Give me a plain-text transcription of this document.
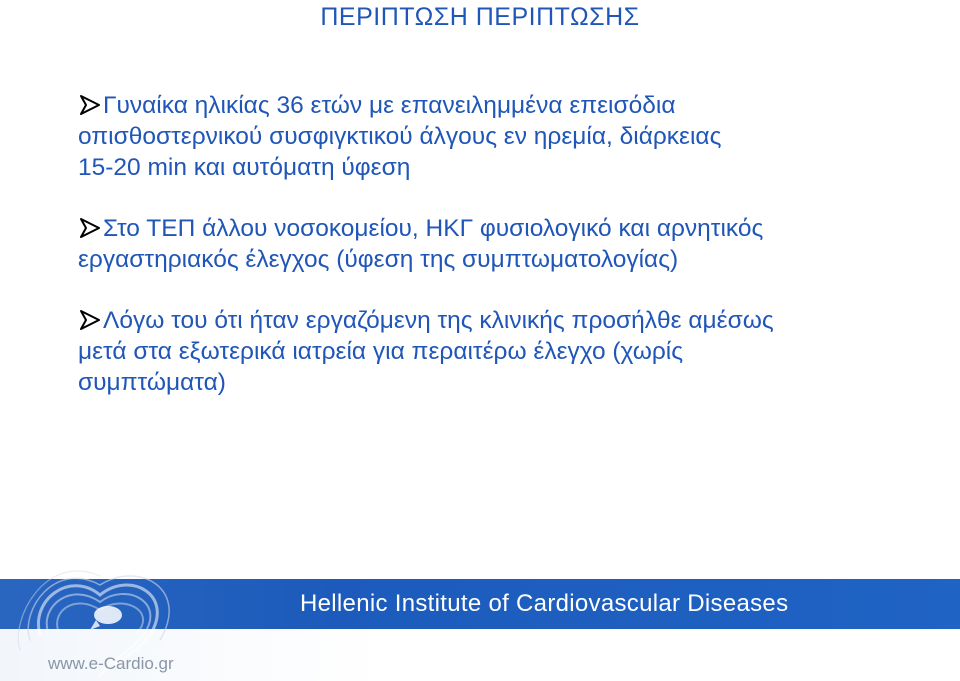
ΠΕΡΙΠΤΩΣΗ ΠΕΡΙΠΤΩΣΗΣ
Γυναίκα ηλικίας 36 ετών με επανειλημμένα επεισόδια
οπισθοστερνικού συσφιγκτικού άλγους εν ηρεμία, διάρκειας
15-20 min και αυτόματη ύφεση
Στο ΤΕΠ άλλου νοσοκομείου, ΗΚΓ φυσιολογικό και αρνητικός
εργαστηριακός έλεγχος (ύφεση της συμπτωματολογίας)
Λόγω του ότι ήταν εργαζόμενη της κλινικής προσήλθε αμέσως
μετά στα εξωτερικά ιατρεία για περαιτέρω έλεγχο (χωρίς
συμπτώματα)
Hellenic Institute of Cardiovascular Diseases
www.e-Cardio.gr
